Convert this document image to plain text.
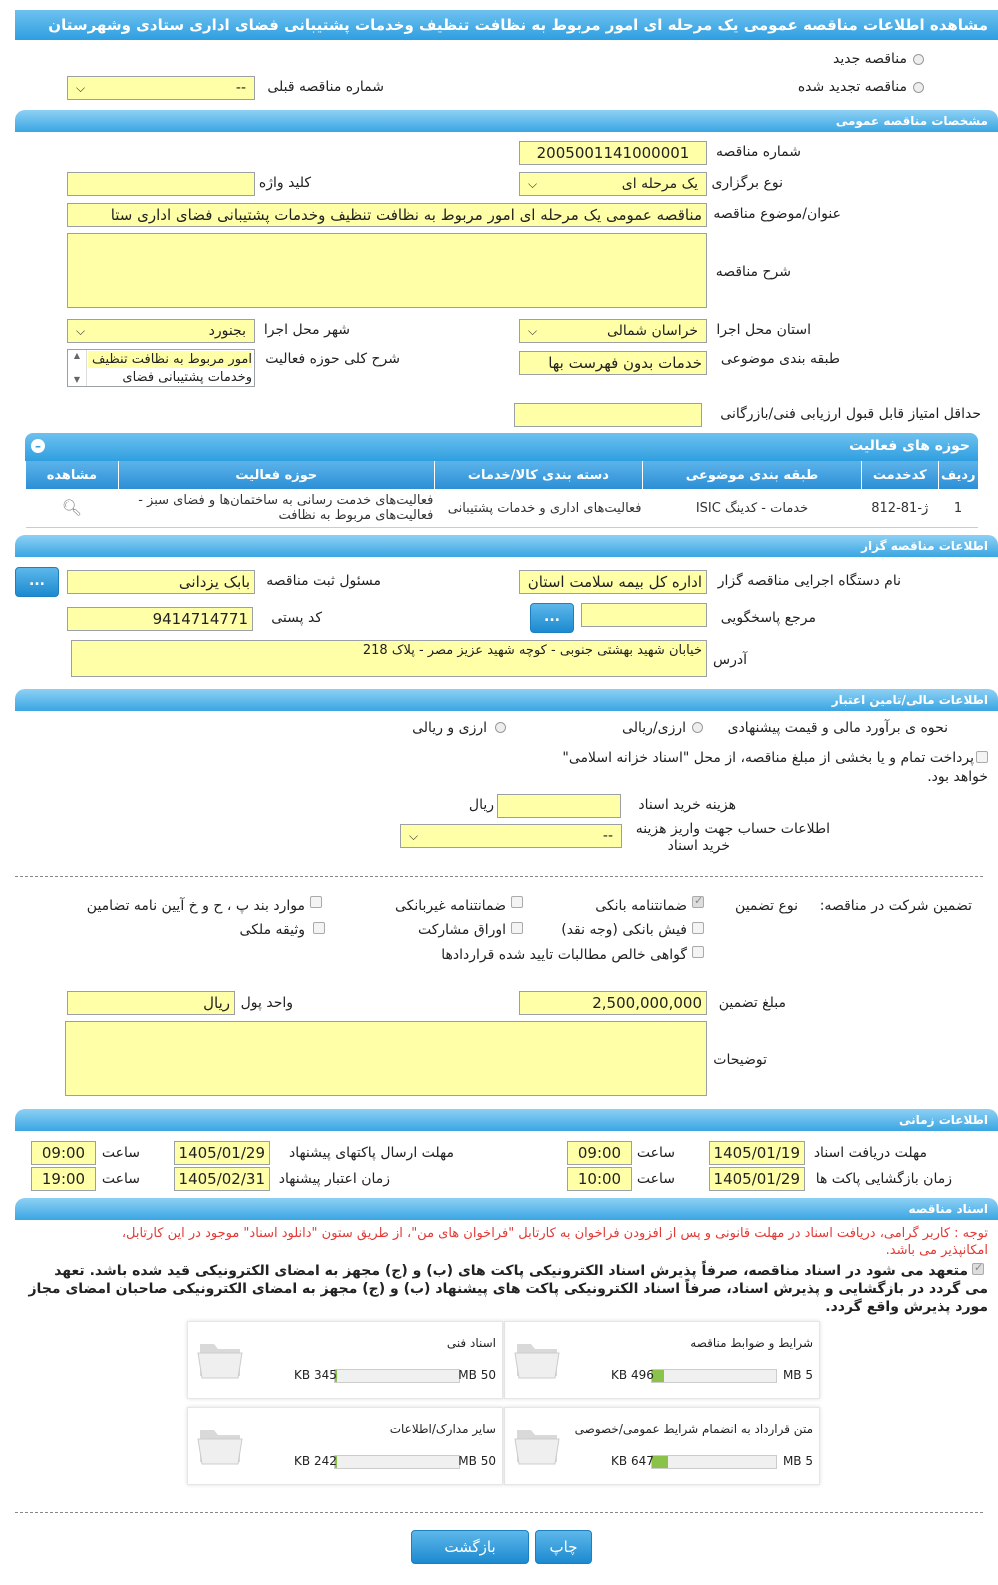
مشاهده اطلاعات مناقصه عمومی یک مرحله ای امور مربوط به نظافت تنظیف وخدمات پشتیبانی فضای اداری ستادی وشهرستان
مناقصه جدید
مناقصه تجدید شده
شماره مناقصه قبلی
⌵	--
مشخصات مناقصه عمومی
شماره مناقصه
2005001141000001
نوع برگزاری
⌵	یک مرحله ای
کلید واژه
عنوان/موضوع مناقصه
مناقصه عمومی یک مرحله ای امور مربوط به نظافت تنظیف وخدمات پشتیبانی فضای اداری ستا
شرح مناقصه
استان محل اجرا
⌵	خراسان شمالی
شهر محل اجرا
⌵	بجنورد
طبقه بندی موضوعی
خدمات بدون فهرست بها
شرح کلی حوزه فعالیت
▲

▼
امور مربوط به نظافت تنظیف
وخدمات پشتیبانی فضای
حداقل امتیاز قابل قبول ارزیابی فنی/بازرگانی
حوزه های فعالیت
–
ردیف	کدخدمت	طبقه بندی موضوعی	دسته بندی کالا/خدمات	حوزه فعالیت	مشاهده
1	ژ-81-812	خدمات - کدینگ ISIC	فعالیت‌های اداری و خدمات پشتیبانی	فعالیت‌های خدمت رسانی به ساختمان‌ها و فضای سبز - فعالیت‌های مربوط به نظافت	🔍︎
اطلاعات مناقصه گزار
نام دستگاه اجرایی مناقصه گزار
اداره کل بیمه سلامت استان
مسئول ثبت مناقصه
بابک یزدانی
...
مرجع پاسخگویی
...
کد پستی
9414714771
آدرس
خیابان شهید بهشتی جنوبی - کوچه شهید عزیز مصر - پلاک 218
اطلاعات مالی/تامین اعتبار
نحوه ی برآورد مالی و قیمت پیشنهادی
ارزی/ریالی
ارزی و ریالی
پرداخت تمام و یا بخشی از مبلغ مناقصه، از محل "اسناد خزانه اسلامی"
خواهد بود.
هزینه خرید اسناد
ریال
اطلاعات حساب جهت واریز هزینه
خرید اسناد
⌵	--
تضمین شرکت در مناقصه:
نوع تضمین
✓
ضمانتنامه بانکی
ضمانتنامه غیربانکی
موارد بند پ ، ح و خ آیین نامه تضامین
فیش بانکی (وجه نقد)
اوراق مشارکت
وثیقه ملکی
گواهی خالص مطالبات تایید شده قراردادها
مبلغ تضمین
2,500,000,000
واحد پول
ریال
توضیحات
اطلاعات زمانی
مهلت دریافت اسناد
1405/01/19
ساعت
09:00
مهلت ارسال پاکتهای پیشنهاد
1405/01/29
ساعت
09:00
زمان بازگشایی پاکت ها
1405/01/29
ساعت
10:00
زمان اعتبار پیشنهاد
1405/02/31
ساعت
19:00
اسناد مناقصه
توجه : کاربر گرامی، دریافت اسناد در مهلت قانونی و پس از افزودن فراخوان به کارتابل "فراخوان های من"، از طریق ستون "دانلود اسناد" موجود در این کارتابل،
امکانپذیر می باشد.
✓
متعهد می شود در اسناد مناقصه، صرفاً پذیرش اسناد الکترونیکی پاکت های (ب) و (ج) مجهز به امضای الکترونیکی قید شده باشد. تعهد
می گردد در بازگشایی و پذیرش اسناد، صرفاً اسناد الکترونیکی پاکت های پیشنهاد (ب) و (ج) مجهز به امضای الکترونیکی صاحبان امضای مجاز
مورد پذیرش واقع گردد.
شرایط و ضوابط مناقصه
5 MB
496 KB
اسناد فنی
50 MB
345 KB
متن قرارداد به انضمام شرایط عمومی/خصوصی
5 MB
647 KB
سایر مدارک/اطلاعات
50 MB
242 KB
بازگشت	چاپ
